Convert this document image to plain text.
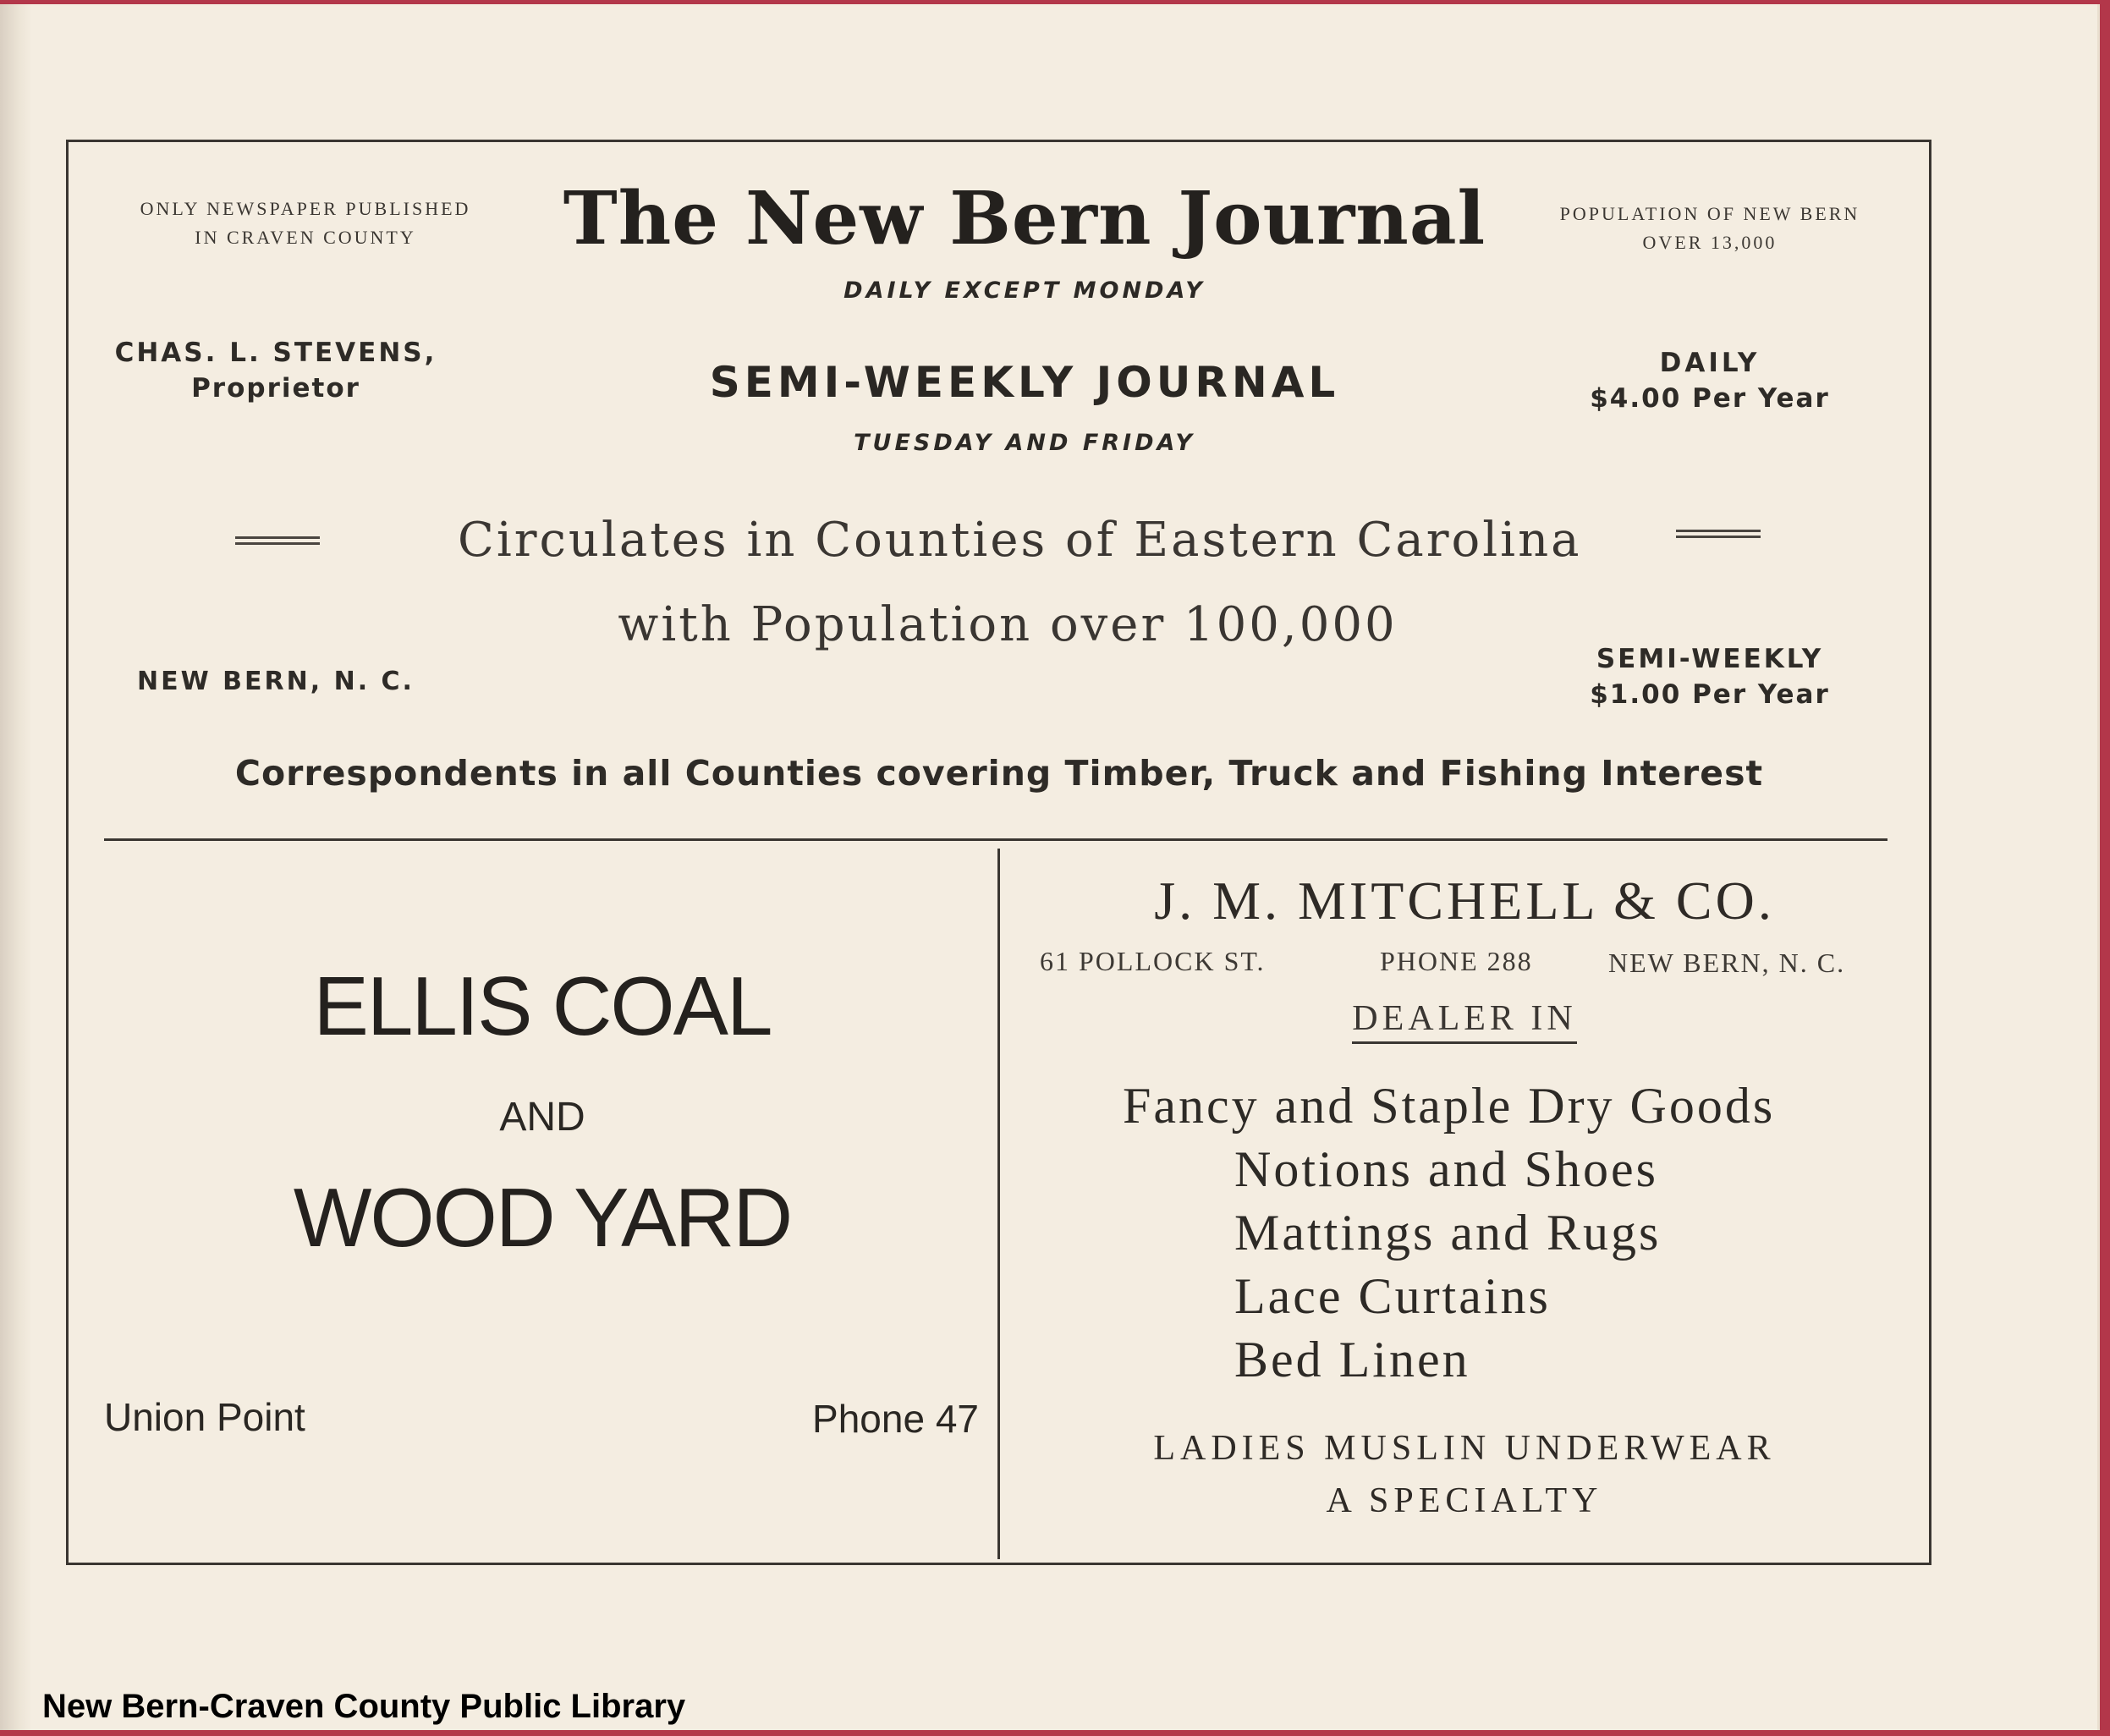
ONLY NEWSPAPER PUBLISHED
IN CRAVEN COUNTY	The New Bern Journal	POPULATION OF NEW BERN
OVER 13,000
DAILY EXCEPT MONDAY
CHAS. L. STEVENS,
Proprietor	SEMI-WEEKLY JOURNAL	DAILY
$4.00 Per Year
TUESDAY AND FRIDAY
Circulates in Counties of Eastern Carolina
with Population over 100,000
NEW BERN, N. C.
SEMI-WEEKLY
$1.00 Per Year
Correspondents in all Counties covering Timber, Truck and Fishing Interest
ELLIS COAL
AND
WOOD YARD
Union Point	Phone 47
J. M. MITCHELL & CO.
61 POLLOCK ST.	PHONE 288	NEW BERN, N. C.
DEALER IN
Fancy and Staple Dry Goods
Notions and Shoes
Mattings and Rugs
Lace Curtains
Bed Linen
LADIES MUSLIN UNDERWEAR
A SPECIALTY
New Bern-Craven County Public Library
